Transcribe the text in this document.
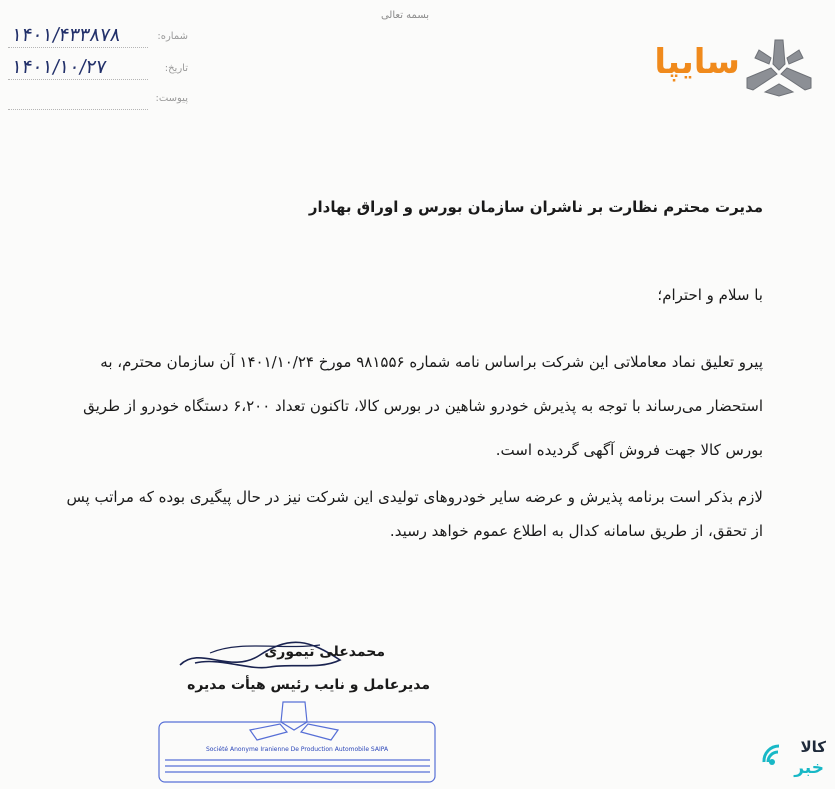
بسمه تعالی
۱۴۰۱/۴۳۳۸۷۸	شماره:
۱۴۰۱/۱۰/۲۷	تاریخ:
پیوست:
سایپا
مدیرت محترم نظارت بر ناشران سازمان بورس و اوراق بهادار
با سلام و احترام؛
پیرو تعلیق نماد معاملاتی این شرکت براساس نامه شماره ۹۸۱۵۵۶ مورخ ۱۴۰۱/۱۰/۲۴ آن سازمان محترم، به استحضار می‌رساند با توجه به پذیرش خودرو شاهین در بورس کالا، تاکنون تعداد ۶،۲۰۰ دستگاه خودرو از طریق بورس کالا جهت فروش آگهی گردیده است.
لازم بذکر است برنامه پذیرش و عرضه سایر خودروهای تولیدی این شرکت نیز در حال پیگیری بوده که مراتب پس از تحقق، از طریق سامانه کدال به اطلاع عموم خواهد رسید.
محمدعلی تیموری
مدیرعامل و نایب رئیس هیأت مدیره
Société Anonyme Iranienne De Production Automobile SAIPA	کالا
خبر
